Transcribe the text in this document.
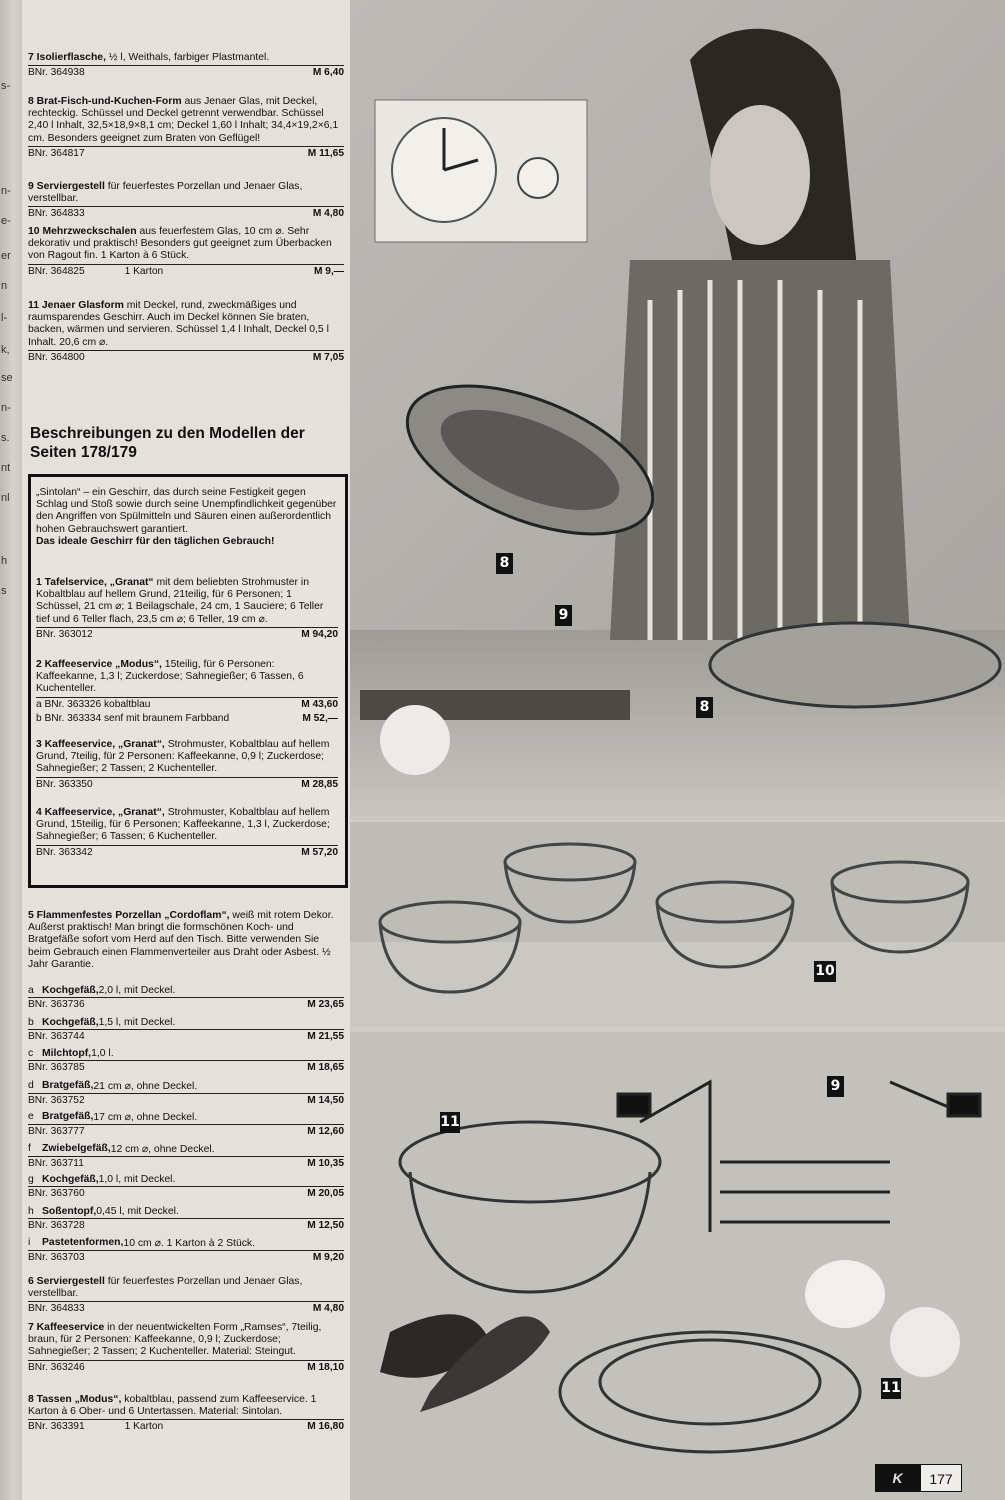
s-
n-
e-
er
n
l-
k,
se
n-
s.
nt
nl
h
s

7 Isolierflasche, ½ l, Weithals, farbiger Plastmantel.

BNr. 364938	M 6,40

8 Brat-Fisch-und-Kuchen-Form aus Jenaer Glas, mit Deckel, rechteckig. Schüssel und Deckel getrennt verwendbar. Schüssel 2,40 l Inhalt, 32,5×18,9×8,1 cm; Deckel 1,60 l Inhalt; 34,4×19,2×6,1 cm. Besonders geeignet zum Braten von Geflügel!

BNr. 364817	M 11,65

9 Serviergestell für feuerfestes Porzellan und Jenaer Glas, verstellbar.

BNr. 364833	M 4,80

10 Mehrzweckschalen aus feuerfestem Glas, 10 cm ⌀. Sehr dekorativ und praktisch! Besonders gut geeignet zum Überbacken von Ragout fin. 1 Karton à 6 Stück.

BNr. 364825	1 Karton	M 9,—

11 Jenaer Glasform mit Deckel, rund, zweckmäßiges und raumsparendes Geschirr. Auch im Deckel können Sie braten, backen, wärmen und servieren. Schüssel 1,4 l Inhalt, Deckel 0,5 l Inhalt. 20,6 cm ⌀.

BNr. 364800	M 7,05
Beschreibungen zu den Modellen der Seiten 178/179

„Sintolan“ – ein Geschirr, das durch seine Festigkeit gegen Schlag und Stoß sowie durch seine Unempfindlichkeit gegenüber den Angriffen von Spülmitteln und Säuren einen außerordentlich hohen Gebrauchswert garantiert.

Das ideale Geschirr für den täglichen Gebrauch!

1 Tafelservice, „Granat“ mit dem beliebten Strohmuster in Kobaltblau auf hellem Grund, 21teilig, für 6 Personen; 1 Schüssel, 21 cm ⌀; 1 Beilagschale, 24 cm, 1 Sauciere; 6 Teller tief und 6 Teller flach, 23,5 cm ⌀; 6 Teller, 19 cm ⌀.

BNr. 363012	M 94,20

2 Kaffeeservice „Modus“, 15teilig, für 6 Personen: Kaffeekanne, 1,3 l; Zuckerdose; Sahnegießer; 6 Tassen, 6 Kuchenteller.

a BNr. 363326 kobaltblau	M 43,60
b BNr. 363334 senf mit braunem Farbband	M 52,—

3 Kaffeeservice, „Granat“, Strohmuster, Kobaltblau auf hellem Grund, 7teilig, für 2 Personen: Kaffeekanne, 0,9 l; Zuckerdose; Sahnegießer; 2 Tassen; 2 Kuchenteller.

BNr. 363350	M 28,85

4 Kaffeeservice, „Granat“, Strohmuster, Kobaltblau auf hellem Grund, 15teilig, für 6 Personen; Kaffeekanne, 1,3 l, Zuckerdose; Sahnegießer; 6 Tassen; 6 Kuchenteller.

BNr. 363342	M 57,20

5 Flammenfestes Porzellan „Cordoflam“, weiß mit rotem Dekor. Außerst praktisch! Man bringt die formschönen Koch- und Bratgefäße sofort vom Herd auf den Tisch. Bitte verwenden Sie beim Gebrauch einen Flammenverteiler aus Draht oder Asbest. ½ Jahr Garantie.

a Kochgefäß, 2,0 l, mit Deckel.
BNr. 363736	M 23,65
b Kochgefäß, 1,5 l, mit Deckel.
BNr. 363744	M 21,55
c Milchtopf, 1,0 l.
BNr. 363785	M 18,65
d Bratgefäß, 21 cm ⌀, ohne Deckel.
BNr. 363752	M 14,50
e Bratgefäß, 17 cm ⌀, ohne Deckel.
BNr. 363777	M 12,60
f	Zwiebelgefäß, 12 cm ⌀, ohne Deckel.
BNr. 363711	M 10,35
g Kochgefäß, 1,0 l, mit Deckel.
BNr. 363760	M 20,05
h Soßentopf, 0,45 l, mit Deckel.
BNr. 363728	M 12,50
i	Pastetenformen, 10 cm ⌀. 1 Karton à 2 Stück.
BNr. 363703	M 9,20

6 Serviergestell für feuerfestes Porzellan und Jenaer Glas, verstellbar.

BNr. 364833	M 4,80

7 Kaffeeservice in der neuentwickelten Form „Ramses“, 7teilig, braun, für 2 Personen: Kaffeekanne, 0,9 l; Zuckerdose; Sahnegießer; 2 Tassen; 2 Kuchenteller. Material: Steingut.

BNr. 363246	M 18,10

8 Tassen „Modus“, kobaltblau, passend zum Kaffeeservice. 1 Karton à 6 Ober- und 6 Untertassen. Material: Sintolan.

BNr. 363391	1 Karton	M 16,80
8
9
8
10
9
11
11
K	177
